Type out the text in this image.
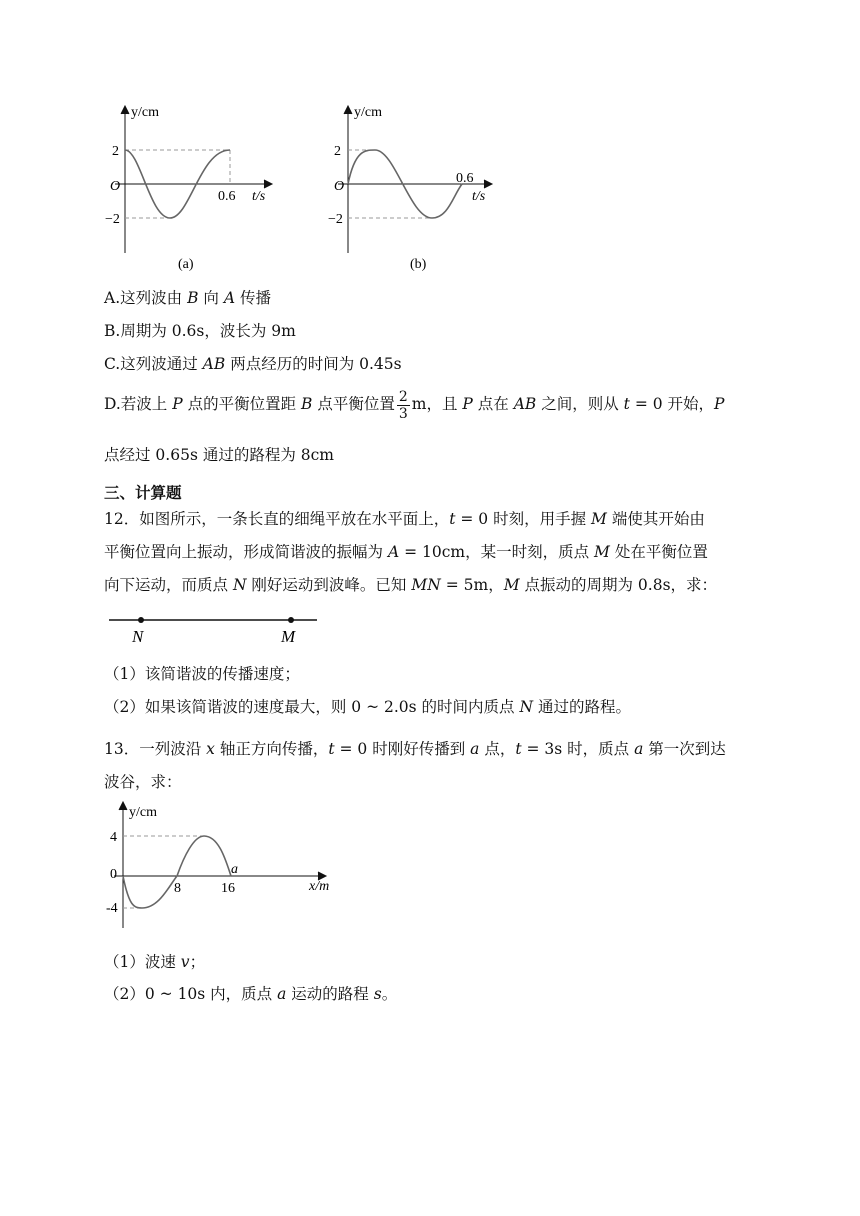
y/cm
2
O
−2
0.6 t/s
(a)
y/cm
2
O
−2
0.6
t/s
(b)
A.这列波由 B 向 A 传播
B.周期为 0.6s，波长为 9m
C.这列波通过 AB 两点经历的时间为 0.45s
D.若波上 P 点的平衡位置距 B 点平衡位置 $\frac{2}{3}$ m，且 P 点在 AB 之间，则从 t = 0 开始，P
点经过 0.65s 通过的路程为 8cm
三、计算题
12．如图所示，一条长直的细绳平放在水平面上，t = 0 时刻，用手握 M 端使其开始由
平衡位置向上振动，形成简谐波的振幅为 A = 10cm，某一时刻，质点 M 处在平衡位置
向下运动，而质点 N 刚好运动到波峰。已知 MN = 5m，M 点振动的周期为 0.8s，求：
N	M
（1）该简谐波的传播速度；
（2）如果该简谐波的速度最大，则 0 ~ 2.0s 的时间内质点 N 通过的路程。
13．一列波沿 x 轴正方向传播，t = 0 时刚好传播到 a 点，t = 3s 时，质点 a 第一次到达
波谷，求：
y/cm
4
0
-4
8	16
a
x/m
（1）波速 v；
（2）0 ~ 10s 内，质点 a 运动的路程 s。
